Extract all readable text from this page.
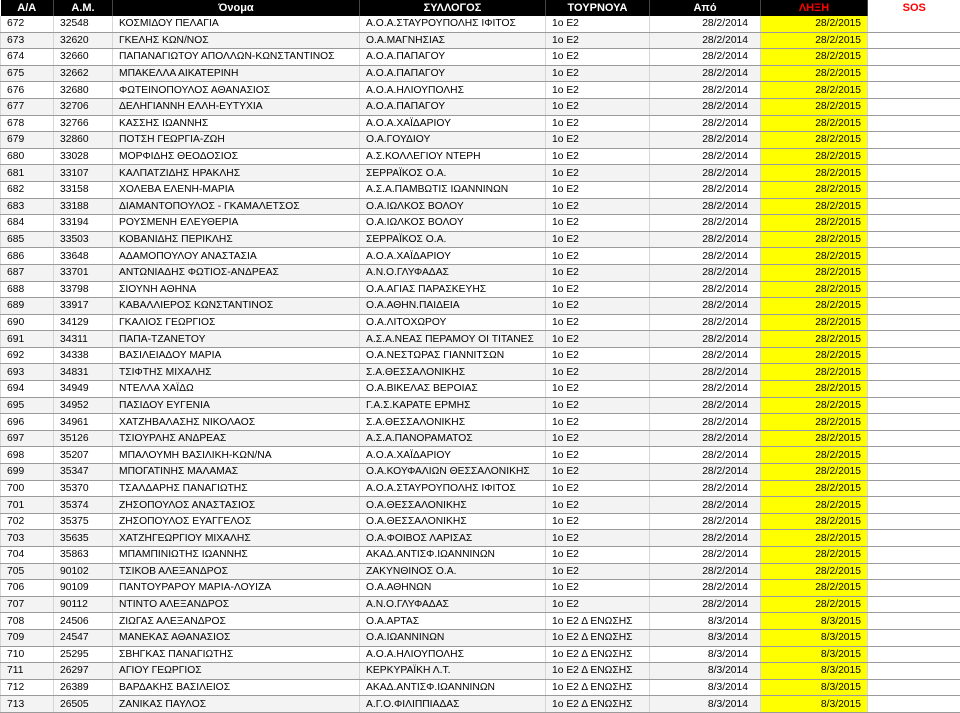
Α/Α	Α.Μ.	Όνομα	ΣΥΛΛΟΓΟΣ	ΤΟΥΡΝΟΥΑ	Από	ΛΗΞΗ	SOS
672	32548	ΚΟΣΜΙΔΟΥ ΠΕΛΑΓΙΑ	Α.Ο.Α.ΣΤΑΥΡΟΥΠΟΛΗΣ ΙΦΙΤΟΣ	1ο Ε2	28/2/2014	28/2/2015	
673	32620	ΓΚΕΛΗΣ ΚΩΝ/ΝΟΣ	Ο.Α.ΜΑΓΝΗΣΙΑΣ	1ο Ε2	28/2/2014	28/2/2015	
674	32660	ΠΑΠΑΝΑΓΙΩΤΟΥ ΑΠΟΛΛΩΝ-ΚΩΝΣΤΑΝΤΙΝΟΣ	Α.Ο.Α.ΠΑΠΑΓΟΥ	1ο Ε2	28/2/2014	28/2/2015	
675	32662	ΜΠΑΚΕΛΛΑ ΑΙΚΑΤΕΡΙΝΗ	Α.Ο.Α.ΠΑΠΑΓΟΥ	1ο Ε2	28/2/2014	28/2/2015	
676	32680	ΦΩΤΕΙΝΟΠΟΥΛΟΣ ΑΘΑΝΑΣΙΟΣ	Α.Ο.Α.ΗΛΙΟΥΠΟΛΗΣ	1ο Ε2	28/2/2014	28/2/2015	
677	32706	ΔΕΛΗΓΙΑΝΝΗ ΕΛΛΗ-ΕΥΤΥΧΙΑ	Α.Ο.Α.ΠΑΠΑΓΟΥ	1ο Ε2	28/2/2014	28/2/2015	
678	32766	ΚΑΣΣΗΣ ΙΩΑΝΝΗΣ	Α.Ο.Α.ΧΑΪΔΑΡΙΟΥ	1ο Ε2	28/2/2014	28/2/2015	
679	32860	ΠΟΤΣΗ ΓΕΩΡΓΙΑ-ΖΩΗ	Ο.Α.ΓΟΥΔΙΟΥ	1ο Ε2	28/2/2014	28/2/2015	
680	33028	ΜΟΡΦΙΔΗΣ ΘΕΟΔΟΣΙΟΣ	Α.Σ.ΚΟΛΛΕΓΙΟΥ ΝΤΕΡΗ	1ο Ε2	28/2/2014	28/2/2015	
681	33107	ΚΑΛΠΑΤΖΙΔΗΣ ΗΡΑΚΛΗΣ	ΣΕΡΡΑΪΚΟΣ Ο.Α.	1ο Ε2	28/2/2014	28/2/2015	
682	33158	ΧΟΛΕΒΑ ΕΛΕΝΗ-ΜΑΡΙΑ	Α.Σ.Α.ΠΑΜΒΩΤΙΣ ΙΩΑΝΝΙΝΩΝ	1ο Ε2	28/2/2014	28/2/2015	
683	33188	ΔΙΑΜΑΝΤΟΠΟΥΛΟΣ - ΓΚΑΜΑΛΕΤΣΟΣ	Ο.Α.ΙΩΛΚΟΣ ΒΟΛΟΥ	1ο Ε2	28/2/2014	28/2/2015	
684	33194	ΡΟΥΣΜΕΝΗ ΕΛΕΥΘΕΡΙΑ	Ο.Α.ΙΩΛΚΟΣ ΒΟΛΟΥ	1ο Ε2	28/2/2014	28/2/2015	
685	33503	ΚΟΒΑΝΙΔΗΣ ΠΕΡΙΚΛΗΣ	ΣΕΡΡΑΪΚΟΣ Ο.Α.	1ο Ε2	28/2/2014	28/2/2015	
686	33648	ΑΔΑΜΟΠΟΥΛΟΥ ΑΝΑΣΤΑΣΙΑ	Α.Ο.Α.ΧΑΪΔΑΡΙΟΥ	1ο Ε2	28/2/2014	28/2/2015	
687	33701	ΑΝΤΩΝΙΑΔΗΣ ΦΩΤΙΟΣ-ΑΝΔΡΕΑΣ	Α.Ν.Ο.ΓΛΥΦΑΔΑΣ	1ο Ε2	28/2/2014	28/2/2015	
688	33798	ΣΙΟΥΝΗ ΑΘΗΝΑ	Ο.Α.ΑΓΙΑΣ ΠΑΡΑΣΚΕΥΗΣ	1ο Ε2	28/2/2014	28/2/2015	
689	33917	ΚΑΒΑΛΛΙΕΡΟΣ ΚΩΝΣΤΑΝΤΙΝΟΣ	Ο.Α.ΑΘΗΝ.ΠΑΙΔΕΙΑ	1ο Ε2	28/2/2014	28/2/2015	
690	34129	ΓΚΑΛΙΟΣ ΓΕΩΡΓΙΟΣ	Ο.Α.ΛΙΤΟΧΩΡΟΥ	1ο Ε2	28/2/2014	28/2/2015	
691	34311	ΠΑΠΑ-ΤΖΑΝΕΤΟΥ	Α.Σ.Α.ΝΕΑΣ ΠΕΡΑΜΟΥ ΟΙ ΤΙΤΑΝΕΣ	1ο Ε2	28/2/2014	28/2/2015	
692	34338	ΒΑΣΙΛΕΙΑΔΟΥ ΜΑΡΙΑ	Ο.Α.ΝΕΣΤΩΡΑΣ ΓΙΑΝΝΙΤΣΩΝ	1ο Ε2	28/2/2014	28/2/2015	
693	34831	ΤΣΙΦΤΗΣ ΜΙΧΑΛΗΣ	Σ.Α.ΘΕΣΣΑΛΟΝΙΚΗΣ	1ο Ε2	28/2/2014	28/2/2015	
694	34949	ΝΤΕΛΛΑ ΧΑΪΔΩ	Ο.Α.ΒΙΚΕΛΑΣ ΒΕΡΟΙΑΣ	1ο Ε2	28/2/2014	28/2/2015	
695	34952	ΠΑΣΙΔΟΥ ΕΥΓΕΝΙΑ	Γ.Α.Σ.ΚΑΡΑΤΕ ΕΡΜΗΣ	1ο Ε2	28/2/2014	28/2/2015	
696	34961	ΧΑΤΖΗΒΑΛΑΣΗΣ ΝΙΚΟΛΑΟΣ	Σ.Α.ΘΕΣΣΑΛΟΝΙΚΗΣ	1ο Ε2	28/2/2014	28/2/2015	
697	35126	ΤΣΙΟΥΡΛΗΣ ΑΝΔΡΕΑΣ	Α.Σ.Α.ΠΑΝΟΡΑΜΑΤΟΣ	1ο Ε2	28/2/2014	28/2/2015	
698	35207	ΜΠΑΛΟΥΜΗ ΒΑΣΙΛΙΚΗ-ΚΩΝ/ΝΑ	Α.Ο.Α.ΧΑΪΔΑΡΙΟΥ	1ο Ε2	28/2/2014	28/2/2015	
699	35347	ΜΠΟΓΑΤΙΝΗΣ ΜΑΛΑΜΑΣ	Ο.Α.ΚΟΥΦΑΛΙΩΝ ΘΕΣΣΑΛΟΝΙΚΗΣ	1ο Ε2	28/2/2014	28/2/2015	
700	35370	ΤΣΑΛΔΑΡΗΣ ΠΑΝΑΓΙΩΤΗΣ	Α.Ο.Α.ΣΤΑΥΡΟΥΠΟΛΗΣ ΙΦΙΤΟΣ	1ο Ε2	28/2/2014	28/2/2015	
701	35374	ΖΗΣΟΠΟΥΛΟΣ ΑΝΑΣΤΑΣΙΟΣ	Ο.Α.ΘΕΣΣΑΛΟΝΙΚΗΣ	1ο Ε2	28/2/2014	28/2/2015	
702	35375	ΖΗΣΟΠΟΥΛΟΣ ΕΥΑΓΓΕΛΟΣ	Ο.Α.ΘΕΣΣΑΛΟΝΙΚΗΣ	1ο Ε2	28/2/2014	28/2/2015	
703	35635	ΧΑΤΖΗΓΕΩΡΓΙΟΥ ΜΙΧΑΛΗΣ	Ο.Α.ΦΟΙΒΟΣ ΛΑΡΙΣΑΣ	1ο Ε2	28/2/2014	28/2/2015	
704	35863	ΜΠΑΜΠΙΝΙΩΤΗΣ ΙΩΑΝΝΗΣ	ΑΚΑΔ.ΑΝΤΙΣΦ.ΙΩΑΝΝΙΝΩΝ	1ο Ε2	28/2/2014	28/2/2015	
705	90102	ΤΣΙΚΟΒ ΑΛΕΞΑΝΔΡΟΣ	ΖΑΚΥΝΘΙΝΟΣ Ο.Α.	1ο Ε2	28/2/2014	28/2/2015	
706	90109	ΠΑΝΤΟΥΡΑΡΟΥ ΜΑΡΙΑ-ΛΟΥΙΖΑ	Ο.Α.ΑΘΗΝΩΝ	1ο Ε2	28/2/2014	28/2/2015	
707	90112	ΝΤΙΝΤΟ ΑΛΕΞΑΝΔΡΟΣ	Α.Ν.Ο.ΓΛΥΦΑΔΑΣ	1ο Ε2	28/2/2014	28/2/2015	
708	24506	ΖΙΩΓΑΣ ΑΛΕΞΑΝΔΡΟΣ	Ο.Α.ΑΡΤΑΣ	1ο Ε2 Δ ΕΝΩΣΗΣ	8/3/2014	8/3/2015	
709	24547	ΜΑΝΕΚΑΣ ΑΘΑΝΑΣΙΟΣ	Ο.Α.ΙΩΑΝΝΙΝΩΝ	1ο Ε2 Δ ΕΝΩΣΗΣ	8/3/2014	8/3/2015	
710	25295	ΣΒΗΓΚΑΣ ΠΑΝΑΓΙΩΤΗΣ	Α.Ο.Α.ΗΛΙΟΥΠΟΛΗΣ	1ο Ε2 Δ ΕΝΩΣΗΣ	8/3/2014	8/3/2015	
711	26297	ΑΓΙΟΥ ΓΕΩΡΓΙΟΣ	ΚΕΡΚΥΡΑΪΚΗ Λ.Τ.	1ο Ε2 Δ ΕΝΩΣΗΣ	8/3/2014	8/3/2015	
712	26389	ΒΑΡΔΑΚΗΣ ΒΑΣΙΛΕΙΟΣ	ΑΚΑΔ.ΑΝΤΙΣΦ.ΙΩΑΝΝΙΝΩΝ	1ο Ε2 Δ ΕΝΩΣΗΣ	8/3/2014	8/3/2015	
713	26505	ΖΑΝΙΚΑΣ ΠΑΥΛΟΣ	Α.Γ.Ο.ΦΙΛΙΠΠΙΑΔΑΣ	1ο Ε2 Δ ΕΝΩΣΗΣ	8/3/2014	8/3/2015	
